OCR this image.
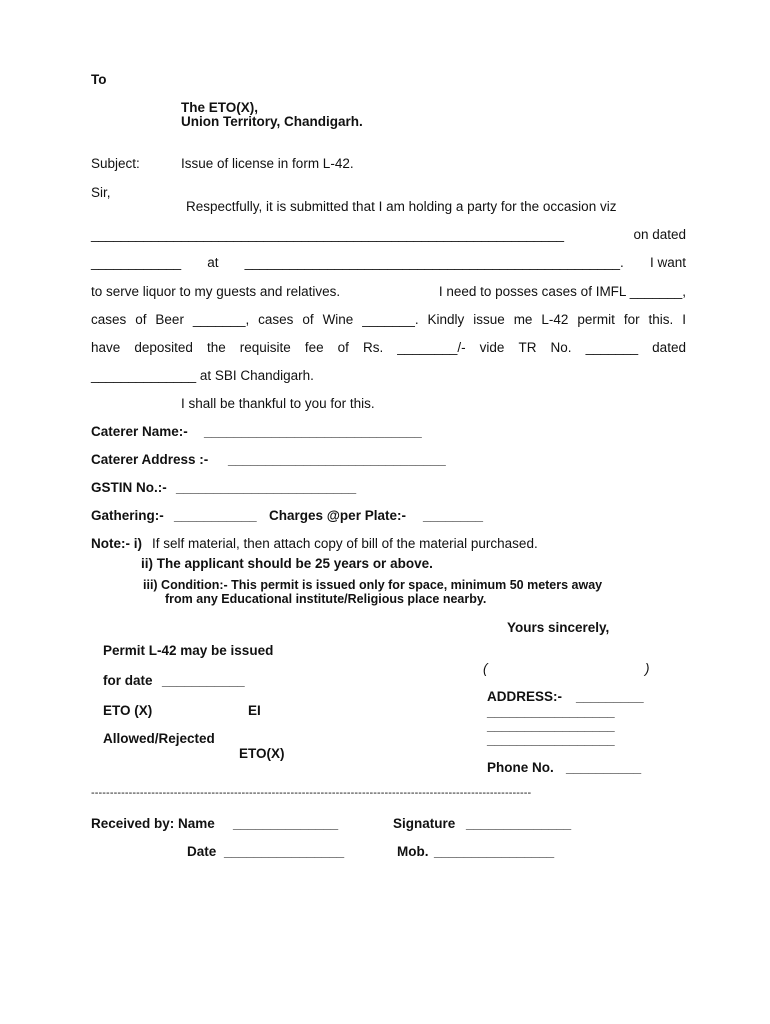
To
The ETO(X),
Union Territory, Chandigarh.
Subject:	Issue of license in form L-42.
Sir,
Respectfully, it is submitted that I am holding a party for the occasion viz
_______________________________________________________________	on dated
____________ at __________________________________________________. I want
to serve liquor to my guests and relatives.	I need to posses cases of IMFL _______,
cases of Beer _______, cases of Wine _______. Kindly issue me L-42 permit for this. I
have deposited the requisite fee of Rs. ________/- vide TR No. _______ dated
______________ at SBI Chandigarh.
I shall be thankful to you for this.
Caterer Name:- _____________________________
Caterer Address :- _____________________________
GSTIN No.:- ________________________
Gathering:- ___________ Charges @per Plate:- ________
Note:- i) If self material, then attach copy of bill of the material purchased.
ii) The applicant should be 25 years or above.
iii) Condition:- This permit is issued only for space, minimum 50 meters away
from any Educational institute/Religious place nearby.
Yours sincerely,
Permit L-42 may be issued
(	)
for date ___________
ADDRESS:- _________
ETO (X)	EI	_________________
_________________
Allowed/Rejected	_________________
ETO(X)
Phone No. __________
---------------------------------------------------------------------------------------------------------------------
Received by: Name ______________	Signature ______________
Date ________________	Mob. ________________
